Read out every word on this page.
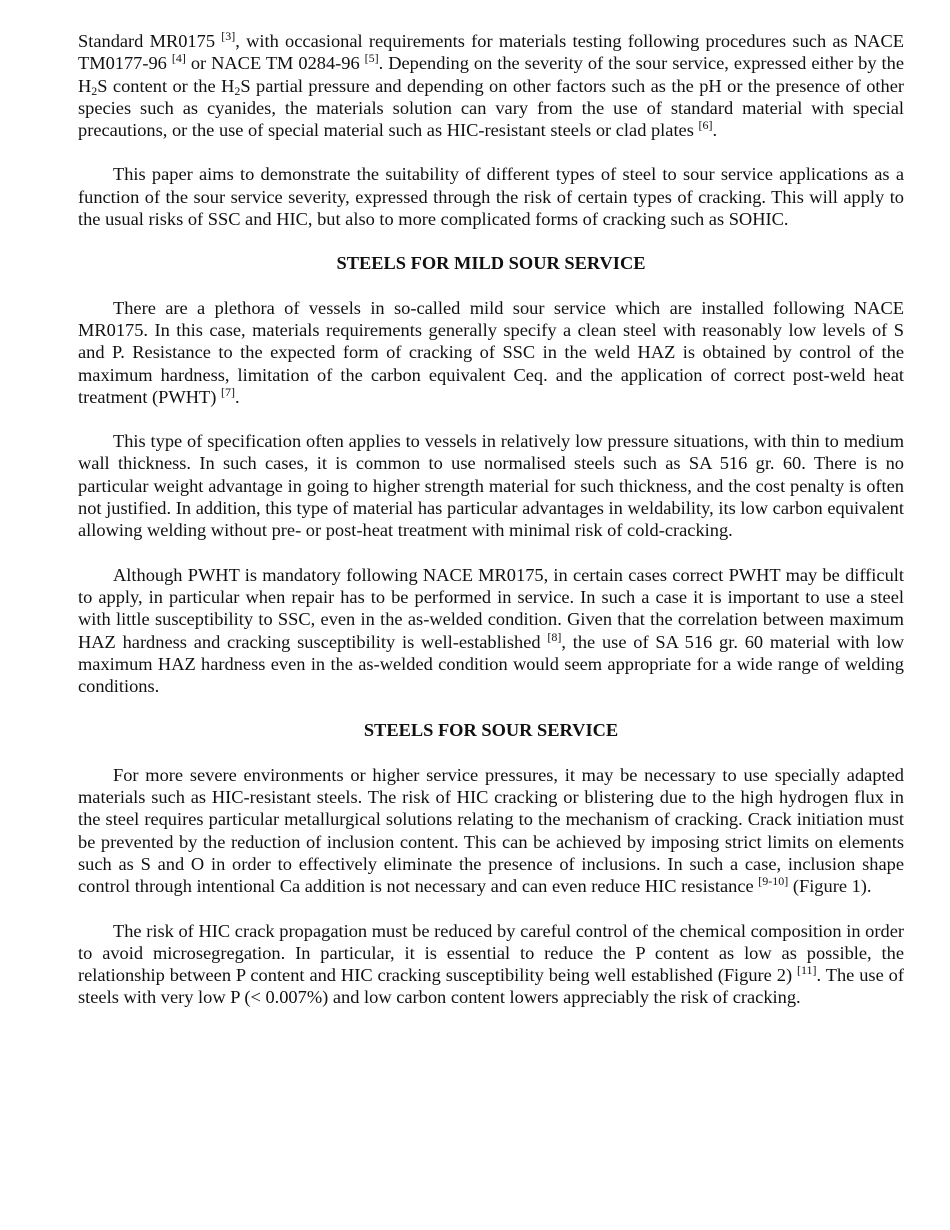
Standard MR0175 [3], with occasional requirements for materials testing following procedures such as NACE TM0177-96 [4] or NACE TM 0284-96 [5]. Depending on the severity of the sour service, expressed either by the $H_2S$ content or the $H_2S$ partial pressure and depending on other factors such as the pH or the presence of other species such as cyanides, the materials solution can vary from the use of standard material with special precautions, or the use of special material such as HIC-resistant steels or clad plates [6].

This paper aims to demonstrate the suitability of different types of steel to sour service applications as a function of the sour service severity, expressed through the risk of certain types of cracking. This will apply to the usual risks of SSC and HIC, but also to more complicated forms of cracking such as SOHIC.

STEELS FOR MILD SOUR SERVICE

There are a plethora of vessels in so-called mild sour service which are installed following NACE MR0175. In this case, materials requirements generally specify a clean steel with reasonably low levels of S and P. Resistance to the expected form of cracking of SSC in the weld HAZ is obtained by control of the maximum hardness, limitation of the carbon equivalent Ceq. and the application of correct post-weld heat treatment (PWHT) [7].

This type of specification often applies to vessels in relatively low pressure situations, with thin to medium wall thickness. In such cases, it is common to use normalised steels such as SA 516 gr. 60. There is no particular weight advantage in going to higher strength material for such thickness, and the cost penalty is often not justified. In addition, this type of material has particular advantages in weldability, its low carbon equivalent allowing welding without pre- or post-heat treatment with minimal risk of cold-cracking.

Although PWHT is mandatory following NACE MR0175, in certain cases correct PWHT may be difficult to apply, in particular when repair has to be performed in service. In such a case it is important to use a steel with little susceptibility to SSC, even in the as-welded condition. Given that the correlation between maximum HAZ hardness and cracking susceptibility is well-established [8], the use of SA 516 gr. 60 material with low maximum HAZ hardness even in the as-welded condition would seem appropriate for a wide range of welding conditions.

STEELS FOR SOUR SERVICE

For more severe environments or higher service pressures, it may be necessary to use specially adapted materials such as HIC-resistant steels. The risk of HIC cracking or blistering due to the high hydrogen flux in the steel requires particular metallurgical solutions relating to the mechanism of cracking. Crack initiation must be prevented by the reduction of inclusion content. This can be achieved by imposing strict limits on elements such as S and O in order to effectively eliminate the presence of inclusions. In such a case, inclusion shape control through intentional Ca addition is not necessary and can even reduce HIC resistance [9-10] (Figure 1).

The risk of HIC crack propagation must be reduced by careful control of the chemical composition in order to avoid microsegregation. In particular, it is essential to reduce the P content as low as possible, the relationship between P content and HIC cracking susceptibility being well established (Figure 2) [11]. The use of steels with very low P (< 0.007%) and low carbon content lowers appreciably the risk of cracking.
